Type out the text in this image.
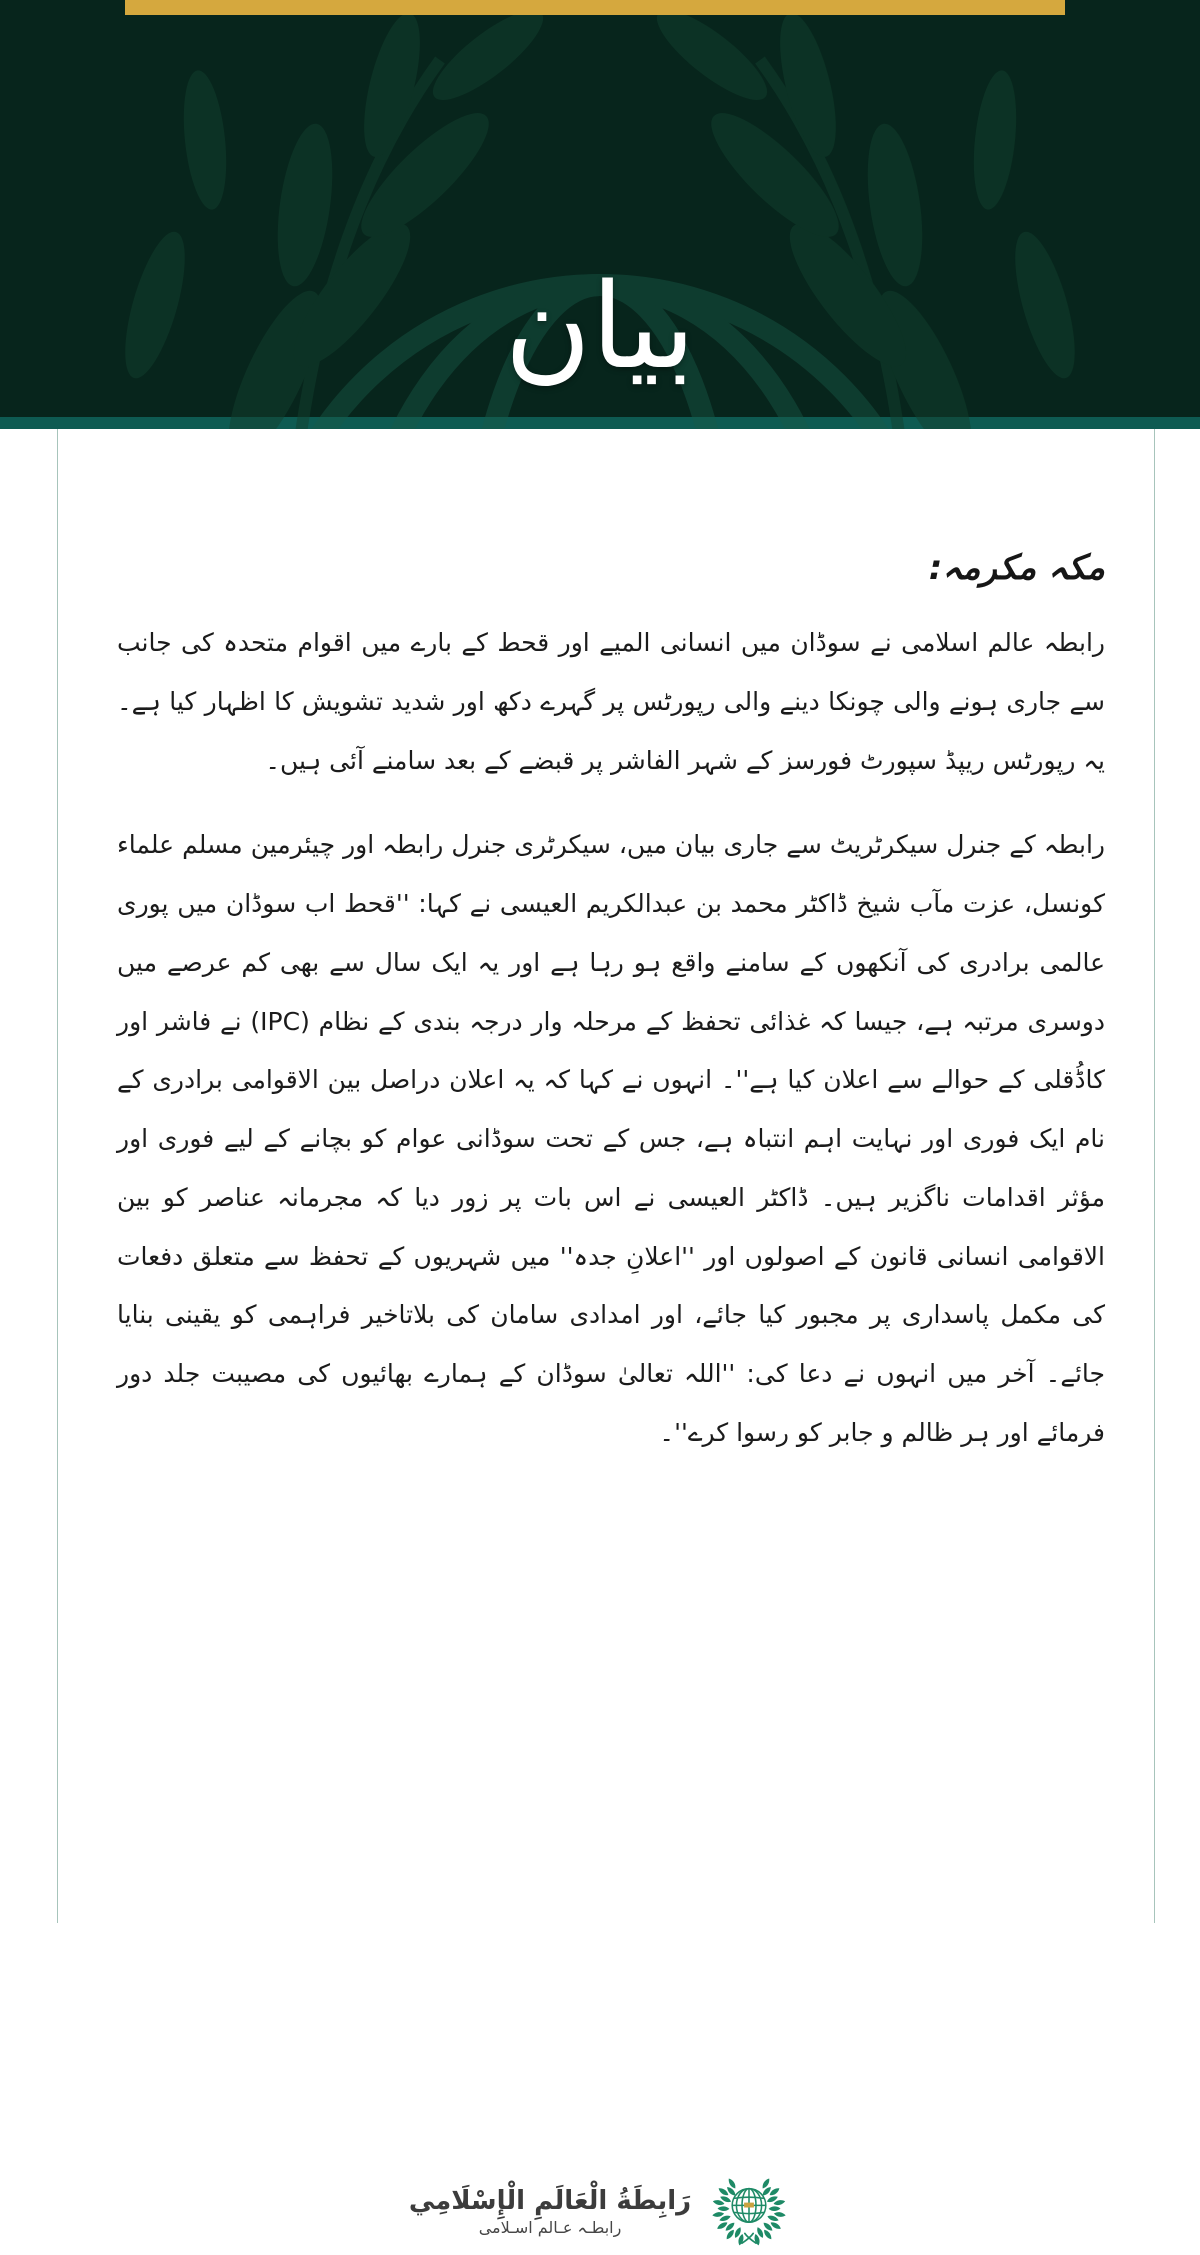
بیان

مکہ مکرمہ:

رابطہ عالم اسلامی نے سوڈان میں انسانی المیے اور قحط کے بارے میں اقوام متحدہ کی جانب سے جاری ہونے والی چونکا دینے والی رپورٹس پر گہرے دکھ اور شدید تشویش کا اظہار کیا ہے۔ یہ رپورٹس ریپڈ سپورٹ فورسز کے شہر الفاشر پر قبضے کے بعد سامنے آئی ہیں۔

رابطہ کے جنرل سیکرٹریٹ سے جاری بیان میں، سیکرٹری جنرل رابطہ اور چیئرمین مسلم علماء کونسل، عزت مآب شیخ ڈاکٹر محمد بن عبدالکریم العیسی نے کہا: ''قحط اب سوڈان میں پوری عالمی برادری کی آنکھوں کے سامنے واقع ہو رہا ہے اور یہ ایک سال سے بھی کم عرصے میں دوسری مرتبہ ہے، جیسا کہ غذائی تحفظ کے مرحلہ وار درجہ بندی کے نظام (IPC) نے فاشر اور کاڈُقلی کے حوالے سے اعلان کیا ہے''۔ انہوں نے کہا کہ یہ اعلان دراصل بین الاقوامی برادری کے نام ایک فوری اور نہایت اہم انتباہ ہے، جس کے تحت سوڈانی عوام کو بچانے کے لیے فوری اور مؤثر اقدامات ناگزیر ہیں۔ ڈاکٹر العیسی نے اس بات پر زور دیا کہ مجرمانہ عناصر کو بین الاقوامی انسانی قانون کے اصولوں اور ''اعلانِ جدہ'' میں شہریوں کے تحفظ سے متعلق دفعات کی مکمل پاسداری پر مجبور کیا جائے، اور امدادی سامان کی بلاتاخیر فراہمی کو یقینی بنایا جائے۔ آخر میں انہوں نے دعا کی: ''اللہ تعالیٰ سوڈان کے ہمارے بھائیوں کی مصیبت جلد دور فرمائے اور ہر ظالم و جابر کو رسوا کرے''۔

رَابِطَةُ الْعَالَمِ الْإِسْلَامِي
رابطـہ عـالم اسـلامی
